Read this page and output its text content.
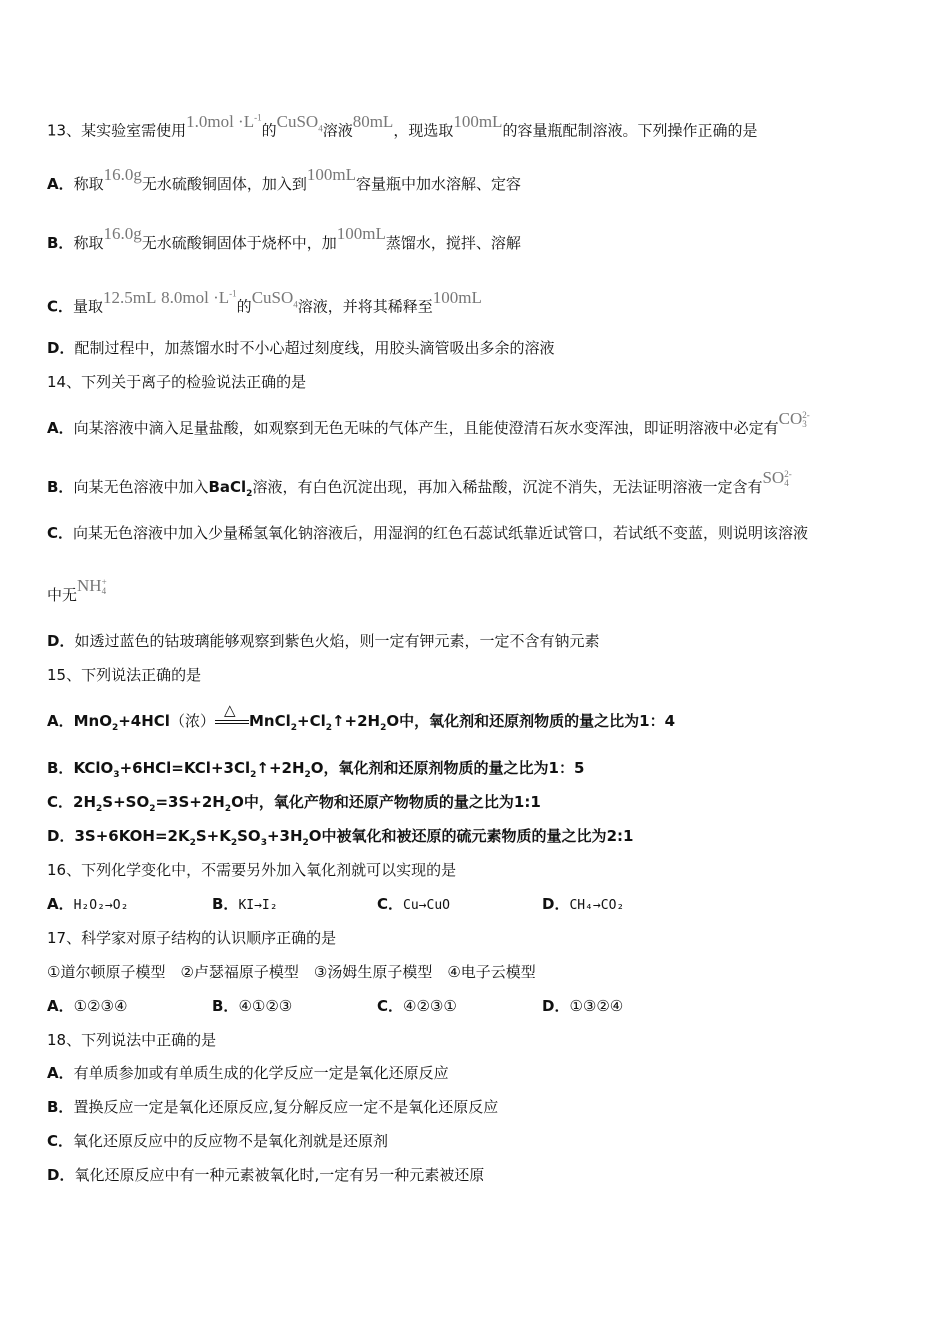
13、某实验室需使用$1.0mol \cdot L^{-1}$的CuSO$_4$溶液80mL，现选取100mL的容量瓶配制溶液。下列操作正确的是
A．称取16.0g无水硫酸铜固体，加入到100mL容量瓶中加水溶解、定容
B．称取16.0g无水硫酸铜固体于烧杯中，加100mL蒸馏水，搅拌、溶解
C．量取12.5mL $8.0mol \cdot L^{-1}$的CuSO$_4$溶液，并将其稀释至100mL
D．配制过程中，加蒸馏水时不小心超过刻度线，用胶头滴管吸出多余的溶液
14、下列关于离子的检验说法正确的是
A．向某溶液中滴入足量盐酸，如观察到无色无味的气体产生，且能使澄清石灰水变浑浊，即证明溶液中必定有CO2-
3
B．向某无色溶液中加入BaCl$_2$溶液，有白色沉淀出现，再加入稀盐酸，沉淀不消失，无法证明溶液一定含有SO2-
4
C．向某无色溶液中加入少量稀氢氧化钠溶液后，用湿润的红色石蕊试纸靠近试管口，若试纸不变蓝，则说明该溶液
中无NH+
4
D．如透过蓝色的钴玻璃能够观察到紫色火焰，则一定有钾元素，一定不含有钠元素
15、下列说法正确的是
A．MnO$_2$+4HCl（浓）
△
$MnCl_2+Cl_2↑+2H_2O$中，氧化剂和还原剂物质的量之比为1：4
B．$KClO_3+6HCl=KCl+3Cl_2↑+2H_2O$，氧化剂和还原剂物质的量之比为1：5
C．$2H_2S+SO_2=3S+2H_2O$中，氧化产物和还原产物物质的量之比为1:1
D．$3S+6KOH=2K_2S+K_2SO_3+3H_2O$中被氧化和被还原的硫元素物质的量之比为2:1
16、下列化学变化中，不需要另外加入氧化剂就可以实现的是
A．H₂O₂→O₂	B．KI→I₂	C．Cu→CuO	D．CH₄→CO₂
17、科学家对原子结构的认识顺序正确的是
①道尔顿原子模型　②卢瑟福原子模型　③汤姆生原子模型　④电子云模型
A．①②③④	B．④①②③	C．④②③①	D．①③②④
18、下列说法中正确的是
A．有单质参加或有单质生成的化学反应一定是氧化还原反应
B．置换反应一定是氧化还原反应,复分解反应一定不是氧化还原反应
C．氧化还原反应中的反应物不是氧化剂就是还原剂
D．氧化还原反应中有一种元素被氧化时,一定有另一种元素被还原
